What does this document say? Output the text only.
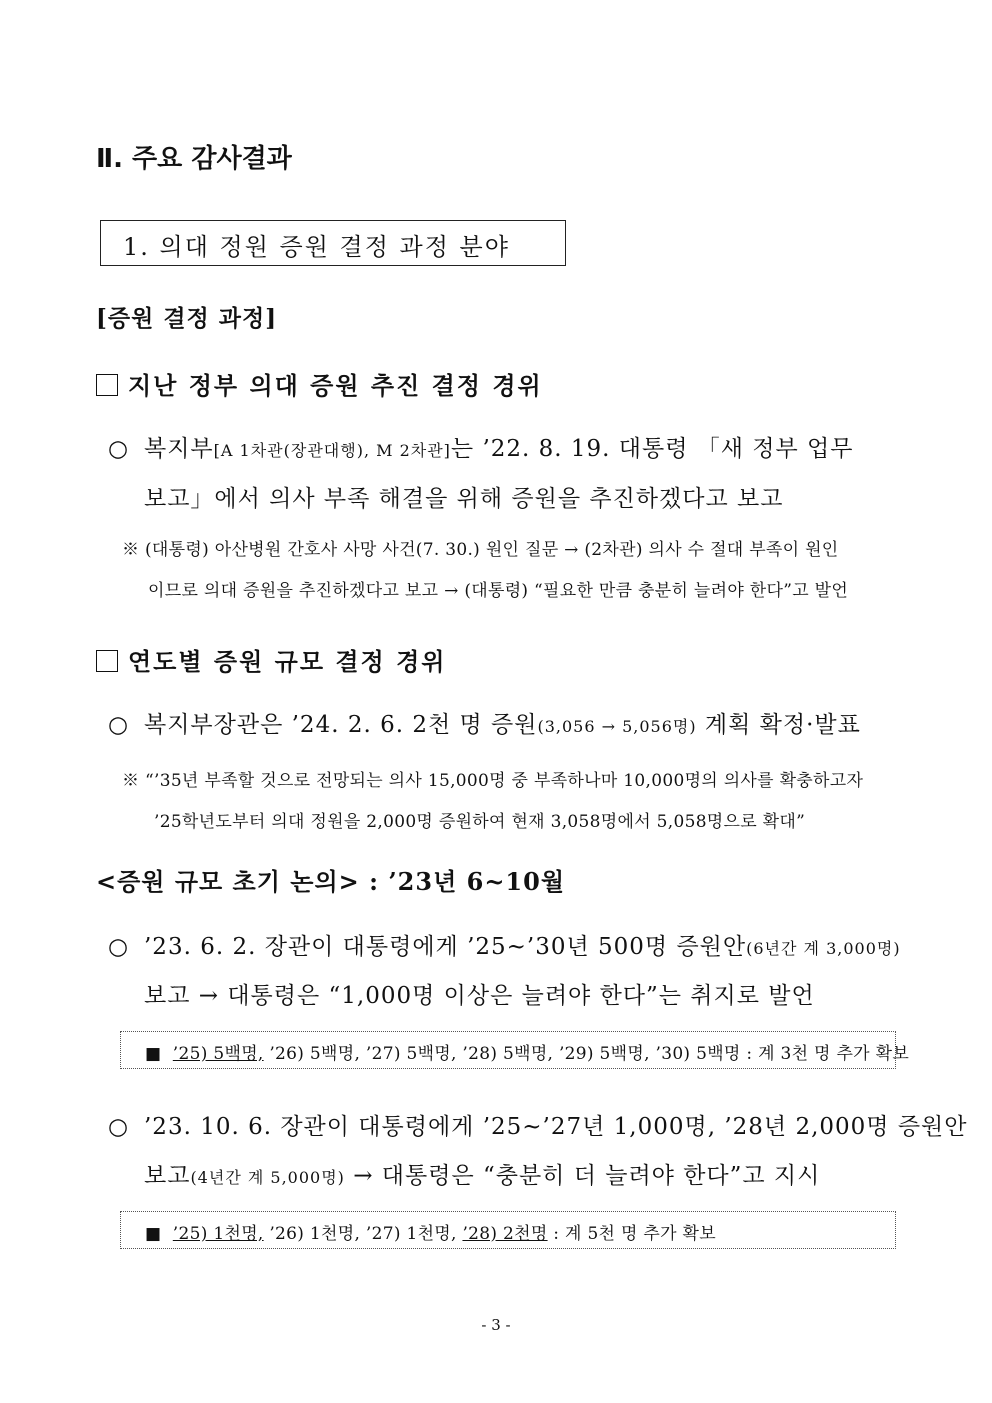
Ⅱ. 주요 감사결과
1. 의대 정원 증원 결정 과정 분야
[증원 결정 과정]
지난 정부 의대 증원 추진 결정 경위
○ 복지부[A 1차관(장관대행), M 2차관]는 ’22. 8. 19. 대통령 「새 정부 업무
보고」에서 의사 부족 해결을 위해 증원을 추진하겠다고 보고
※ (대통령) 아산병원 간호사 사망 사건(7. 30.) 원인 질문 → (2차관) 의사 수 절대 부족이 원인
이므로 의대 증원을 추진하겠다고 보고 → (대통령) “필요한 만큼 충분히 늘려야 한다”고 발언
연도별 증원 규모 결정 경위
○ 복지부장관은 ’24. 2. 6. 2천 명 증원(3,056 → 5,056명) 계획 확정·발표
※ “’35년 부족할 것으로 전망되는 의사 15,000명 중 부족하나마 10,000명의 의사를 확충하고자
’25학년도부터 의대 정원을 2,000명 증원하여 현재 3,058명에서 5,058명으로 확대”
<증원 규모 초기 논의> : ’23년 6~10월
○ ’23. 6. 2. 장관이 대통령에게 ’25~’30년 500명 증원안(6년간 계 3,000명)
보고 → 대통령은 “1,000명 이상은 늘려야 한다”는 취지로 발언
■ ’25) 5백명, ’26) 5백명, ’27) 5백명, ’28) 5백명, ’29) 5백명, ’30) 5백명 : 계 3천 명 추가 확보
○ ’23. 10. 6. 장관이 대통령에게 ’25~’27년 1,000명, ’28년 2,000명 증원안
보고(4년간 계 5,000명) → 대통령은 “충분히 더 늘려야 한다”고 지시
■ ’25) 1천명, ’26) 1천명, ’27) 1천명, ’28) 2천명 : 계 5천 명 추가 확보
- 3 -
